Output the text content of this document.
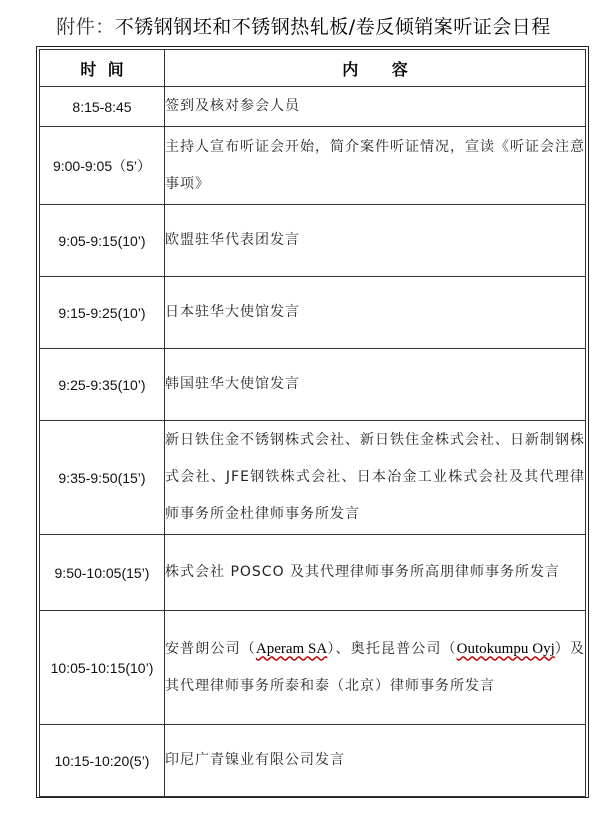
附件：不锈钢钢坯和不锈钢热轧板/卷反倾销案听证会日程
时  间	内      容
8:15-8:45	签到及核对参会人员
9:00-9:05（5’）	主持人宣布听证会开始，简介案件听证情况，宣读《听证会注意事项》
9:05-9:15(10’)	欧盟驻华代表团发言
9:15-9:25(10’)	日本驻华大使馆发言
9:25-9:35(10’)	韩国驻华大使馆发言
9:35-9:50(15’)	新日铁住金不锈钢株式会社、新日铁住金株式会社、日新制钢株式会社、JFE钢铁株式会社、日本冶金工业株式会社及其代理律师事务所金杜律师事务所发言
9:50-10:05(15’)	株式会社 POSCO 及其代理律师事务所高朋律师事务所发言
10:05-10:15(10’)	安普朗公司（Aperam SA）、奥托昆普公司（Outokumpu Oyj）及其代理律师事务所泰和泰（北京）律师事务所发言
10:15-10:20(5’)	印尼广青镍业有限公司发言
